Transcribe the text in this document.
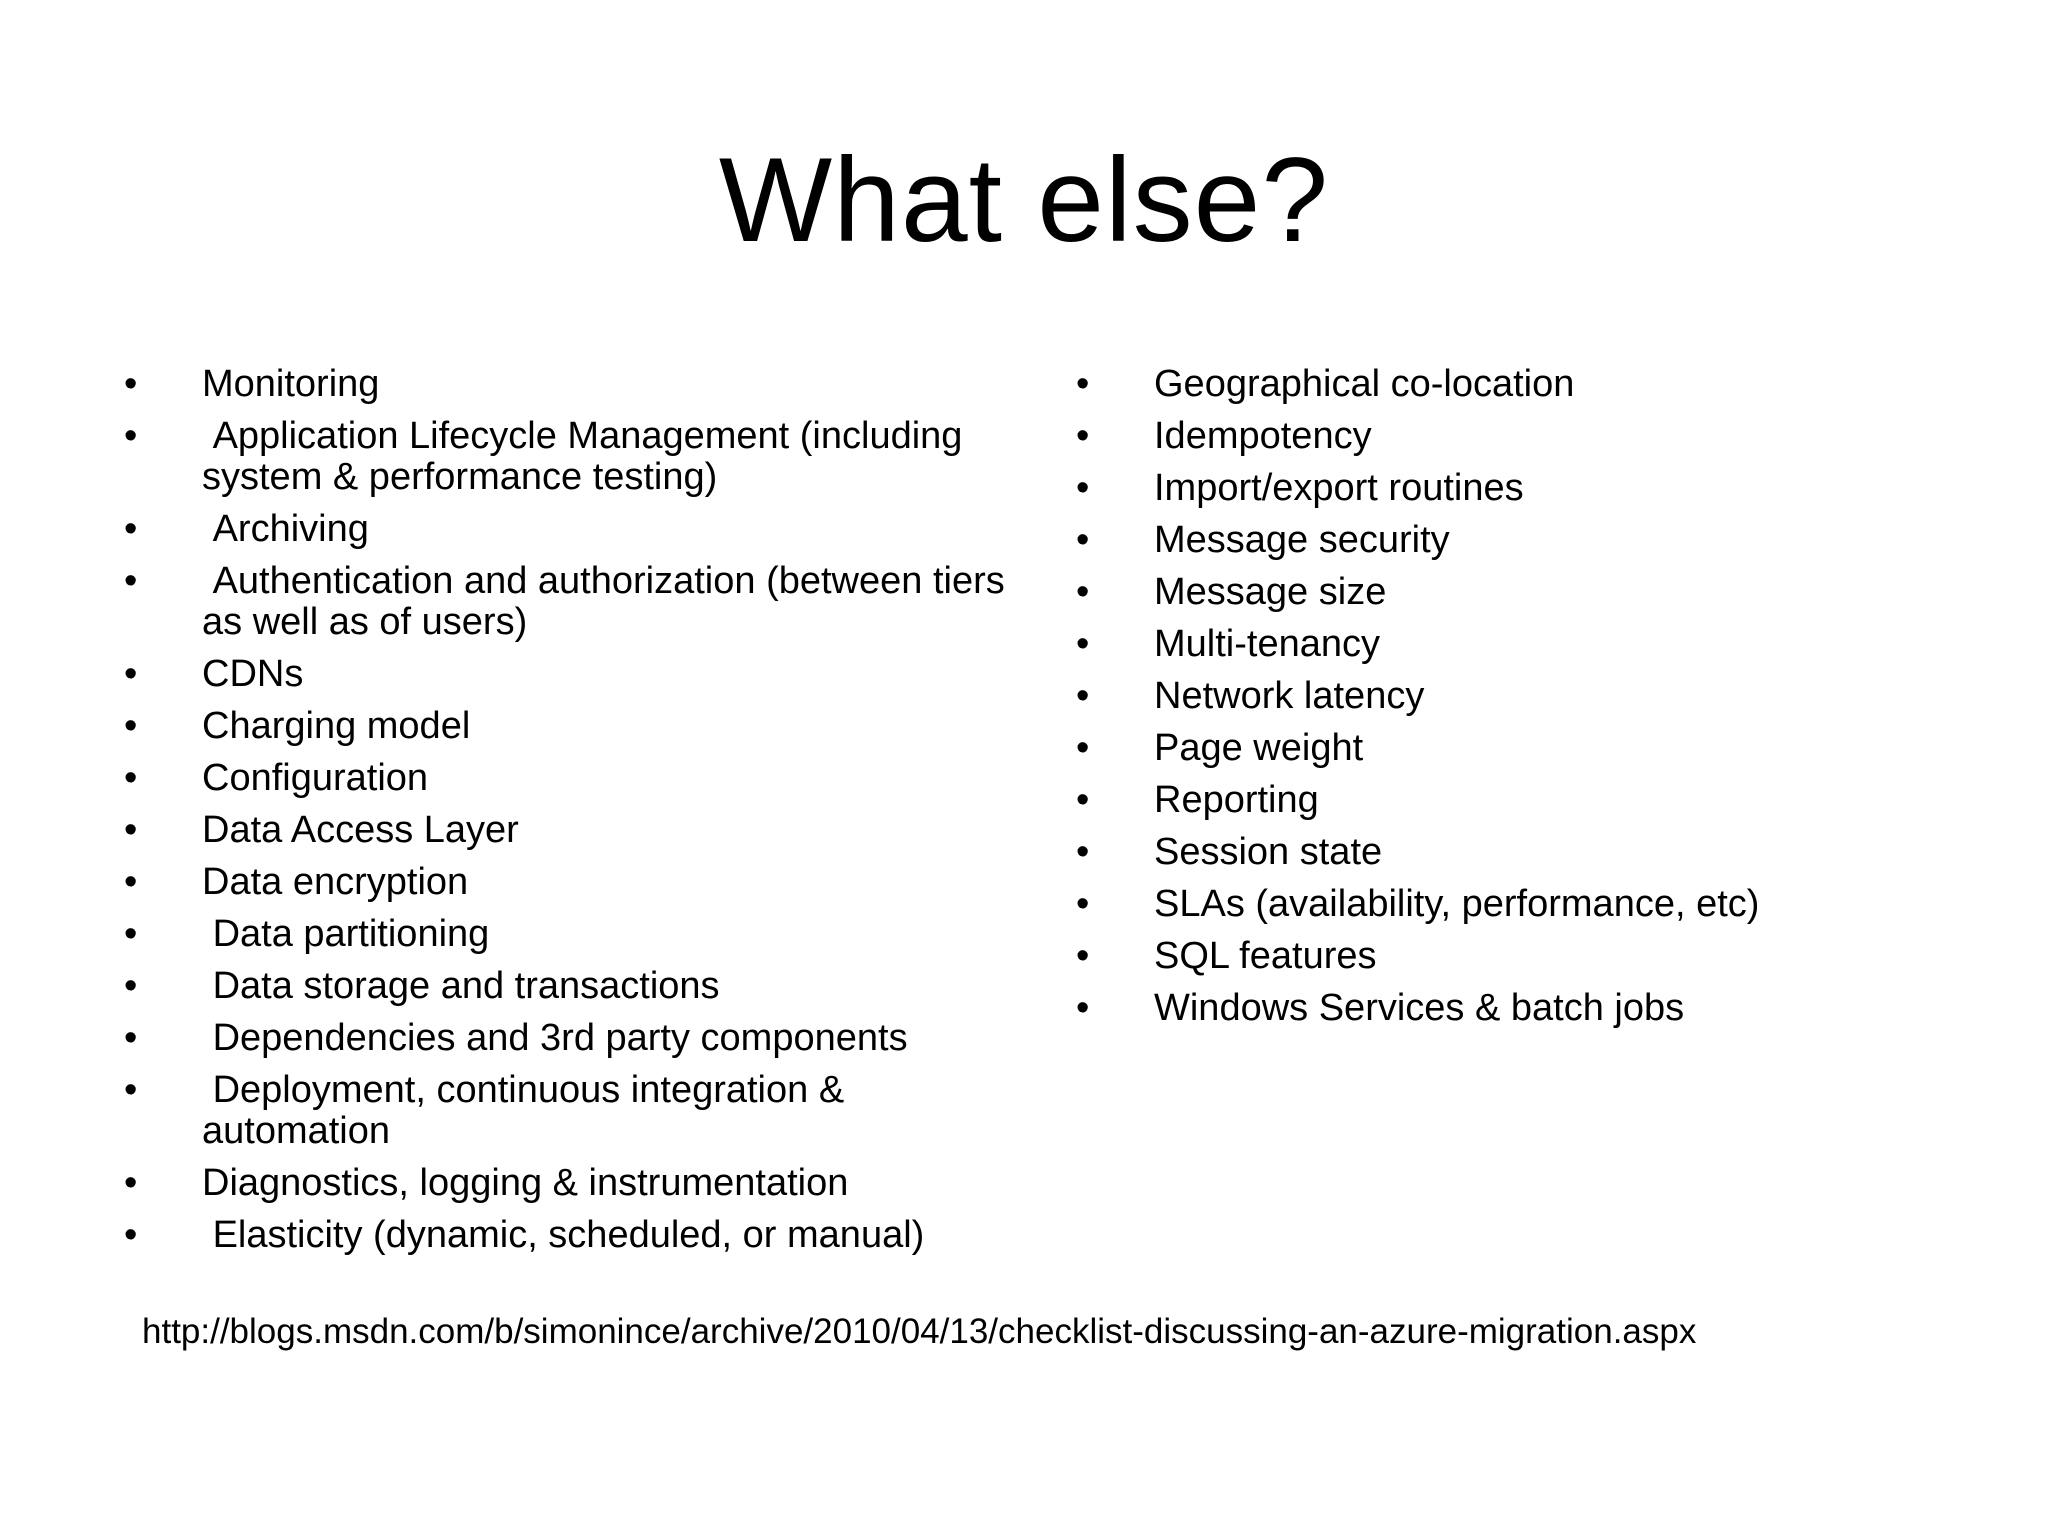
What else?
• Monitoring
• Application Lifecycle Management (including system & performance testing)
• Archiving
• Authentication and authorization (between tiers as well as of users)
• CDNs
• Charging model
• Configuration
• Data Access Layer
• Data encryption
• Data partitioning
• Data storage and transactions
• Dependencies and 3rd party components
• Deployment, continuous integration & automation
• Diagnostics, logging & instrumentation
• Elasticity (dynamic, scheduled, or manual)
• Geographical co-location
• Idempotency
• Import/export routines
• Message security
• Message size
• Multi-tenancy
• Network latency
• Page weight
• Reporting
• Session state
• SLAs (availability, performance, etc)
• SQL features
• Windows Services & batch jobs
http://blogs.msdn.com/b/simonince/archive/2010/04/13/checklist-discussing-an-azure-migration.aspx
